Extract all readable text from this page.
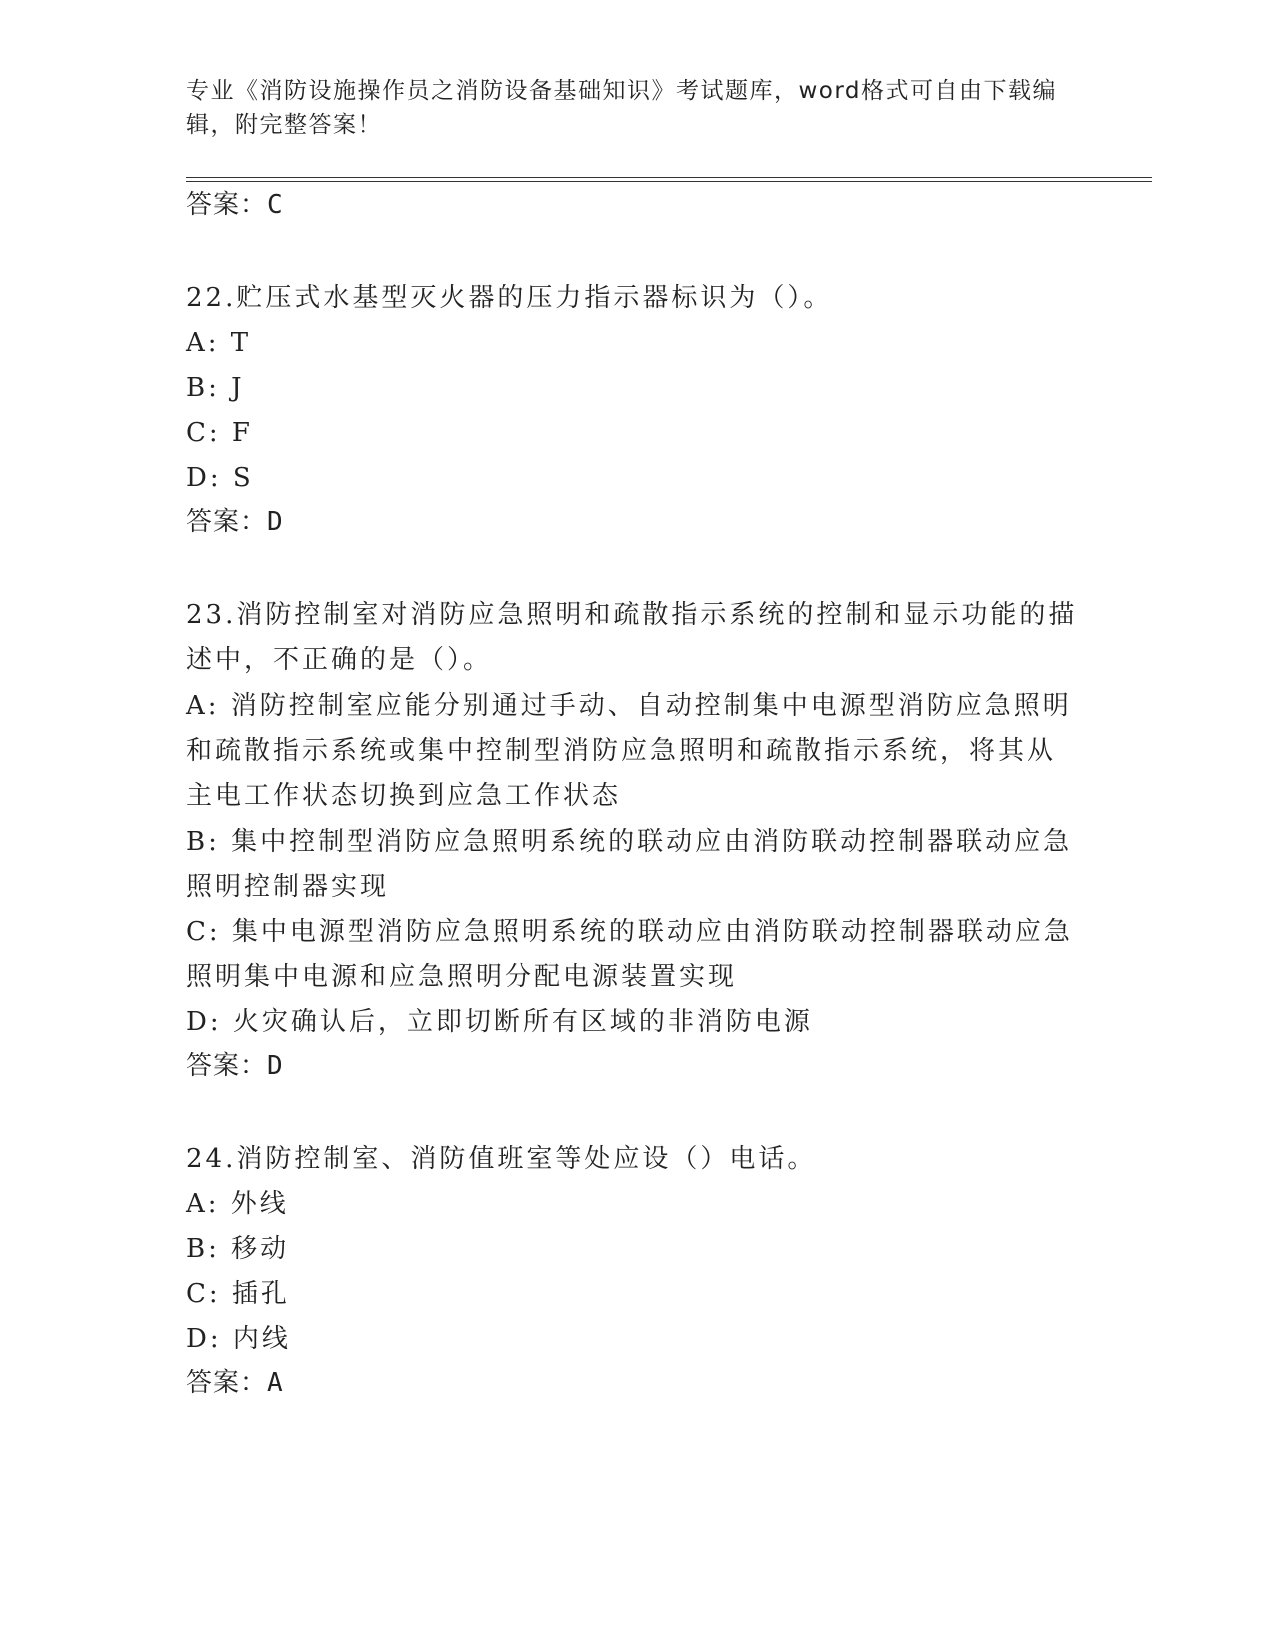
专业《消防设施操作员之消防设备基础知识》考试题库，word格式可自由下载编
辑，附完整答案！
答案：C
22.贮压式水基型灭火器的压力指示器标识为（）。
A: T
B: J
C: F
D: S
答案：D
23.消防控制室对消防应急照明和疏散指示系统的控制和显示功能的描
述中，不正确的是（）。
A: 消防控制室应能分别通过手动、自动控制集中电源型消防应急照明
和疏散指示系统或集中控制型消防应急照明和疏散指示系统，将其从
主电工作状态切换到应急工作状态
B: 集中控制型消防应急照明系统的联动应由消防联动控制器联动应急
照明控制器实现
C: 集中电源型消防应急照明系统的联动应由消防联动控制器联动应急
照明集中电源和应急照明分配电源装置实现
D: 火灾确认后，立即切断所有区域的非消防电源
答案：D
24.消防控制室、消防值班室等处应设（）电话。
A: 外线
B: 移动
C: 插孔
D: 内线
答案：A
